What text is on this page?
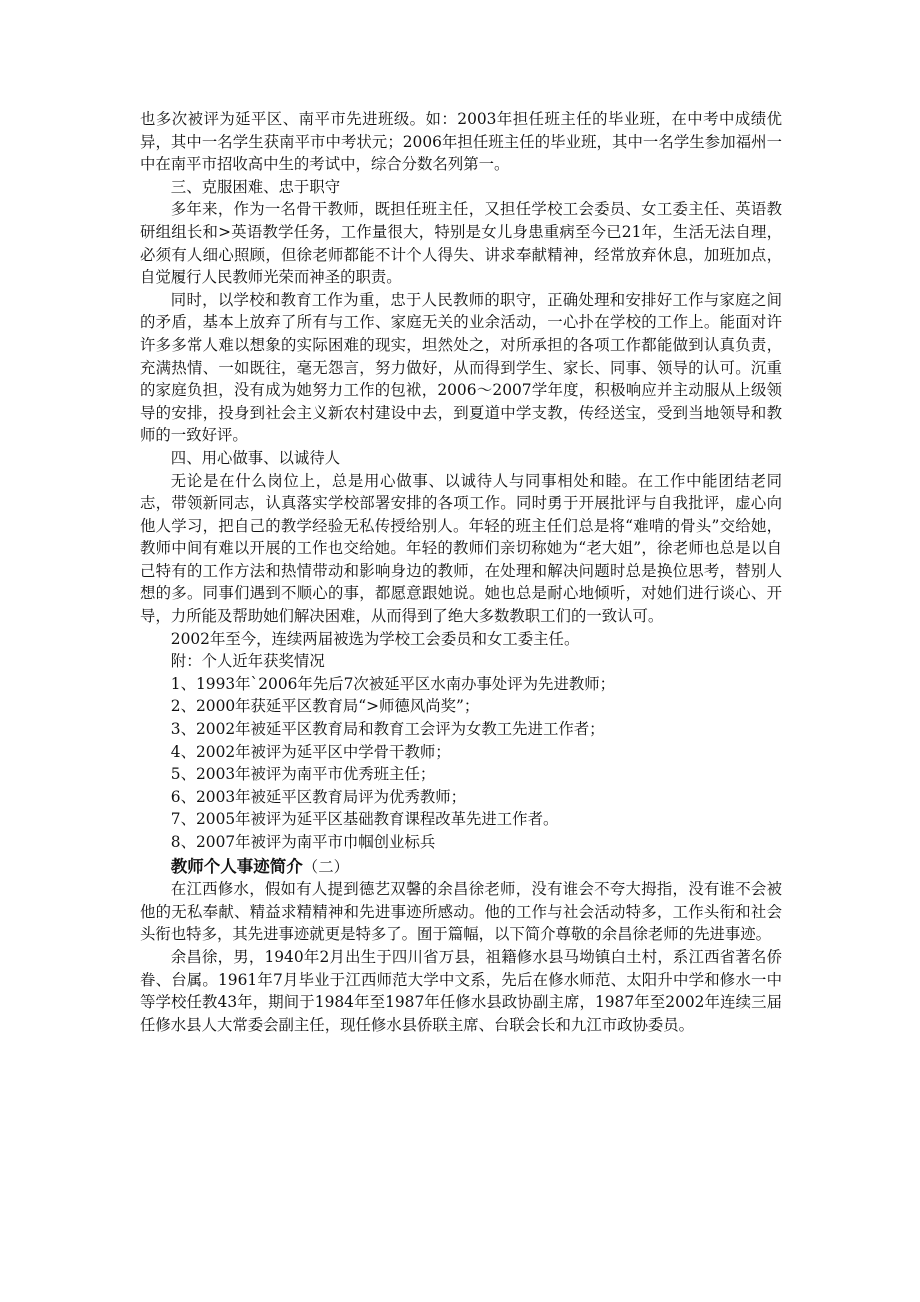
也多次被评为延平区、南平市先进班级。如：2003年担任班主任的毕业班，在中考中成绩优异，其中一名学生获南平市中考状元；2006年担任班主任的毕业班，其中一名学生参加福州一中在南平市招收高中生的考试中，综合分数名列第一。

三、克服困难、忠于职守

多年来，作为一名骨干教师，既担任班主任，又担任学校工会委员、女工委主任、英语教研组组长和>英语教学任务，工作量很大，特别是女儿身患重病至今已21年，生活无法自理，必须有人细心照顾，但徐老师都能不计个人得失、讲求奉献精神，经常放弃休息，加班加点，自觉履行人民教师光荣而神圣的职责。

同时，以学校和教育工作为重，忠于人民教师的职守，正确处理和安排好工作与家庭之间的矛盾，基本上放弃了所有与工作、家庭无关的业余活动，一心扑在学校的工作上。能面对许许多多常人难以想象的实际困难的现实，坦然处之，对所承担的各项工作都能做到认真负责，充满热情、一如既往，毫无怨言，努力做好，从而得到学生、家长、同事、领导的认可。沉重的家庭负担，没有成为她努力工作的包袱，2006～2007学年度，积极响应并主动服从上级领导的安排，投身到社会主义新农村建设中去，到夏道中学支教，传经送宝，受到当地领导和教师的一致好评。

四、用心做事、以诚待人

无论是在什么岗位上，总是用心做事、以诚待人与同事相处和睦。在工作中能团结老同志，带领新同志，认真落实学校部署安排的各项工作。同时勇于开展批评与自我批评，虚心向他人学习，把自己的教学经验无私传授给别人。年轻的班主任们总是将“难啃的骨头”交给她，教师中间有难以开展的工作也交给她。年轻的教师们亲切称她为“老大姐”，徐老师也总是以自己特有的工作方法和热情带动和影响身边的教师，在处理和解决问题时总是换位思考，替别人想的多。同事们遇到不顺心的事，都愿意跟她说。她也总是耐心地倾听，对她们进行谈心、开导，力所能及帮助她们解决困难，从而得到了绝大多数教职工们的一致认可。

2002年至今，连续两届被选为学校工会委员和女工委主任。

附：个人近年获奖情况

1、1993年`2006年先后7次被延平区水南办事处评为先进教师；

2、2000年获延平区教育局“>师德风尚奖”；

3、2002年被延平区教育局和教育工会评为女教工先进工作者；

4、2002年被评为延平区中学骨干教师；

5、2003年被评为南平市优秀班主任；

6、2003年被延平区教育局评为优秀教师；

7、2005年被评为延平区基础教育课程改革先进工作者。

8、2007年被评为南平市巾帼创业标兵

教师个人事迹简介（二）

在江西修水，假如有人提到德艺双馨的余昌徐老师，没有谁会不夸大拇指，没有谁不会被他的无私奉献、精益求精精神和先进事迹所感动。他的工作与社会活动特多，工作头衔和社会头衔也特多，其先进事迹就更是特多了。囿于篇幅，以下简介尊敬的余昌徐老师的先进事迹。

余昌徐，男，1940年2月出生于四川省万县，祖籍修水县马坳镇白土村，系江西省著名侨眷、台属。1961年7月毕业于江西师范大学中文系，先后在修水师范、太阳升中学和修水一中等学校任教43年，期间于1984年至1987年任修水县政协副主席，1987年至2002年连续三届任修水县人大常委会副主任，现任修水县侨联主席、台联会长和九江市政协委员。
